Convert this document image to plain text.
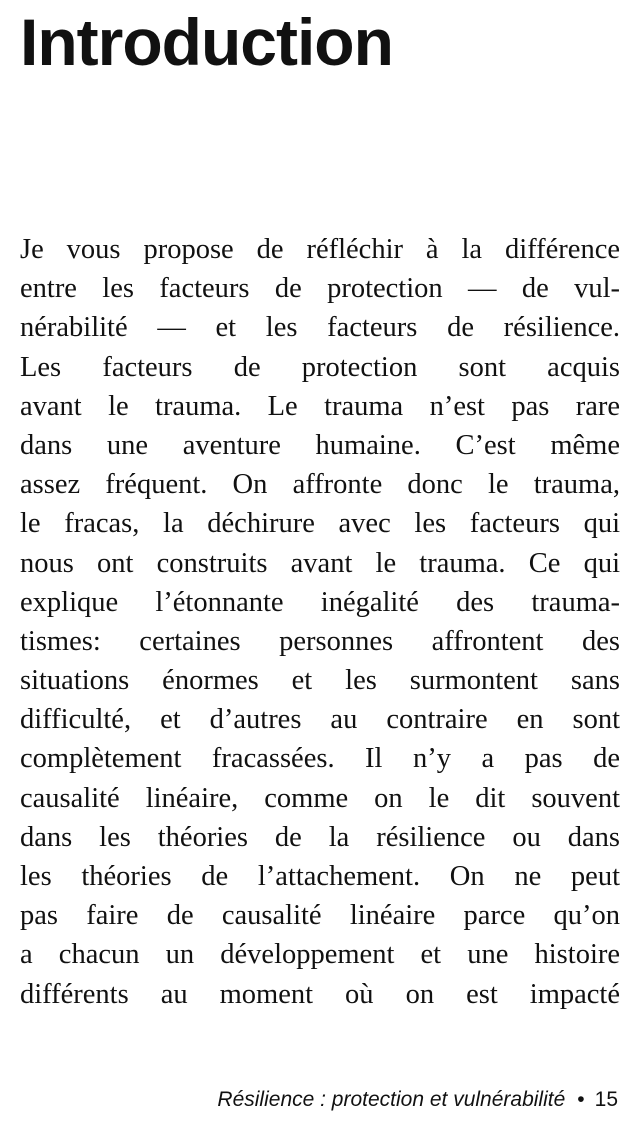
Introduction
Je vous propose de réfléchir à la différence
entre les facteurs de protection — de vul-
nérabilité — et les facteurs de résilience.
Les facteurs de protection sont acquis
avant le trauma. Le trauma n’est pas rare
dans une aventure humaine. C’est même
assez fréquent. On affronte donc le trauma,
le fracas, la déchirure avec les facteurs qui
nous ont construits avant le trauma. Ce qui
explique l’étonnante inégalité des trauma-
tismes: certaines personnes affrontent des
situations énormes et les surmontent sans
difficulté, et d’autres au contraire en sont
complètement fracassées. Il n’y a pas de
causalité linéaire, comme on le dit souvent
dans les théories de la résilience ou dans
les théories de l’attachement. On ne peut
pas faire de causalité linéaire parce qu’on
a chacun un développement et une histoire
différents au moment où on est impacté
Résilience : protection et vulnérabilité • 15
